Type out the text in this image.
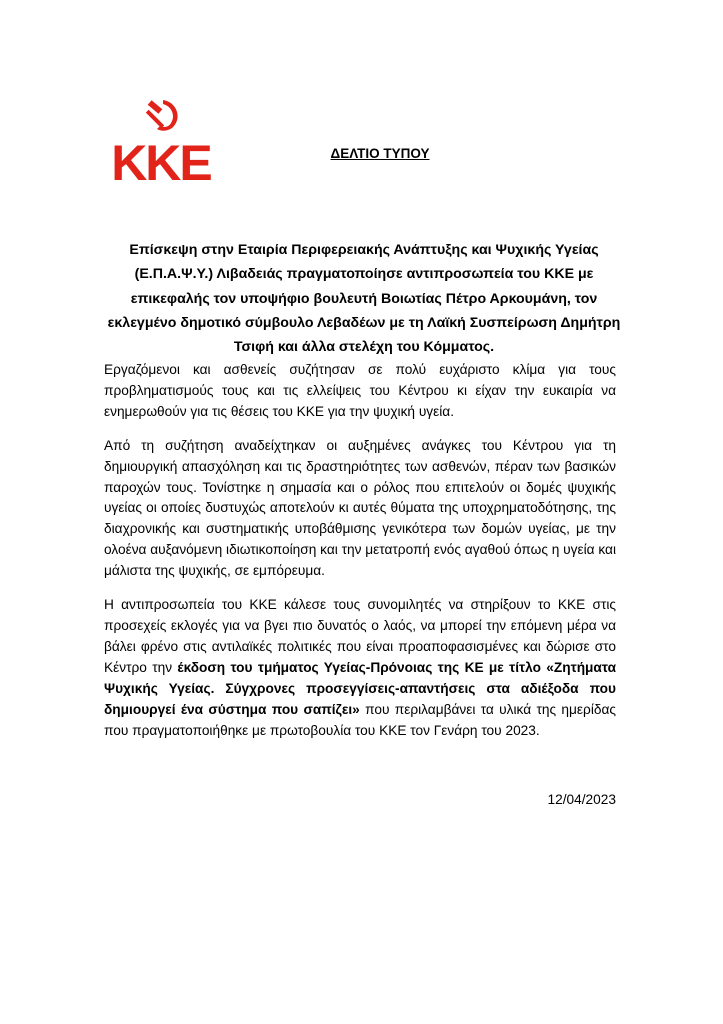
KKE	ΔΕΛΤΙΟ ΤΥΠΟΥ

Επίσκεψη στην Εταιρία Περιφερειακής Ανάπτυξης και Ψυχικής Υγείας (Ε.Π.Α.Ψ.Υ.) Λιβαδειάς πραγματοποίησε αντιπροσωπεία του ΚΚΕ με επικεφαλής τον υποψήφιο βουλευτή Βοιωτίας Πέτρο Αρκουμάνη, τον εκλεγμένο δημοτικό σύμβουλο Λεβαδέων με τη Λαϊκή Συσπείρωση Δημήτρη Τσιφή και άλλα στελέχη του Κόμματος.

Εργαζόμενοι και ασθενείς συζήτησαν σε πολύ ευχάριστο κλίμα για τους προβληματισμούς τους και τις ελλείψεις του Κέντρου κι είχαν την ευκαιρία να ενημερωθούν για τις θέσεις του ΚΚΕ για την ψυχική υγεία.

Από τη συζήτηση αναδείχτηκαν οι αυξημένες ανάγκες του Κέντρου για τη δημιουργική απασχόληση και τις δραστηριότητες των ασθενών, πέραν των βασικών παροχών τους. Τονίστηκε η σημασία και ο ρόλος που επιτελούν οι δομές ψυχικής υγείας οι οποίες δυστυχώς αποτελούν κι αυτές θύματα της υποχρηματοδότησης, της διαχρονικής και συστηματικής υποβάθμισης γενικότερα των δομών υγείας, με την ολοένα αυξανόμενη ιδιωτικοποίηση και την μετατροπή ενός αγαθού όπως η υγεία και μάλιστα της ψυχικής, σε εμπόρευμα.

Η αντιπροσωπεία του ΚΚΕ κάλεσε τους συνομιλητές να στηρίξουν το ΚΚΕ στις προσεχείς εκλογές για να βγει πιο δυνατός ο λαός, να μπορεί την επόμενη μέρα να βάλει φρένο στις αντιλαϊκές πολιτικές που είναι προαποφασισμένες και δώρισε στο Κέντρο την έκδοση του τμήματος Υγείας-Πρόνοιας της ΚΕ με τίτλο «Ζητήματα Ψυχικής Υγείας. Σύγχρονες προσεγγίσεις-απαντήσεις στα αδιέξοδα που δημιουργεί ένα σύστημα που σαπίζει» που περιλαμβάνει τα υλικά της ημερίδας που πραγματοποιήθηκε με πρωτοβουλία του ΚΚΕ τον Γενάρη του 2023.

12/04/2023
